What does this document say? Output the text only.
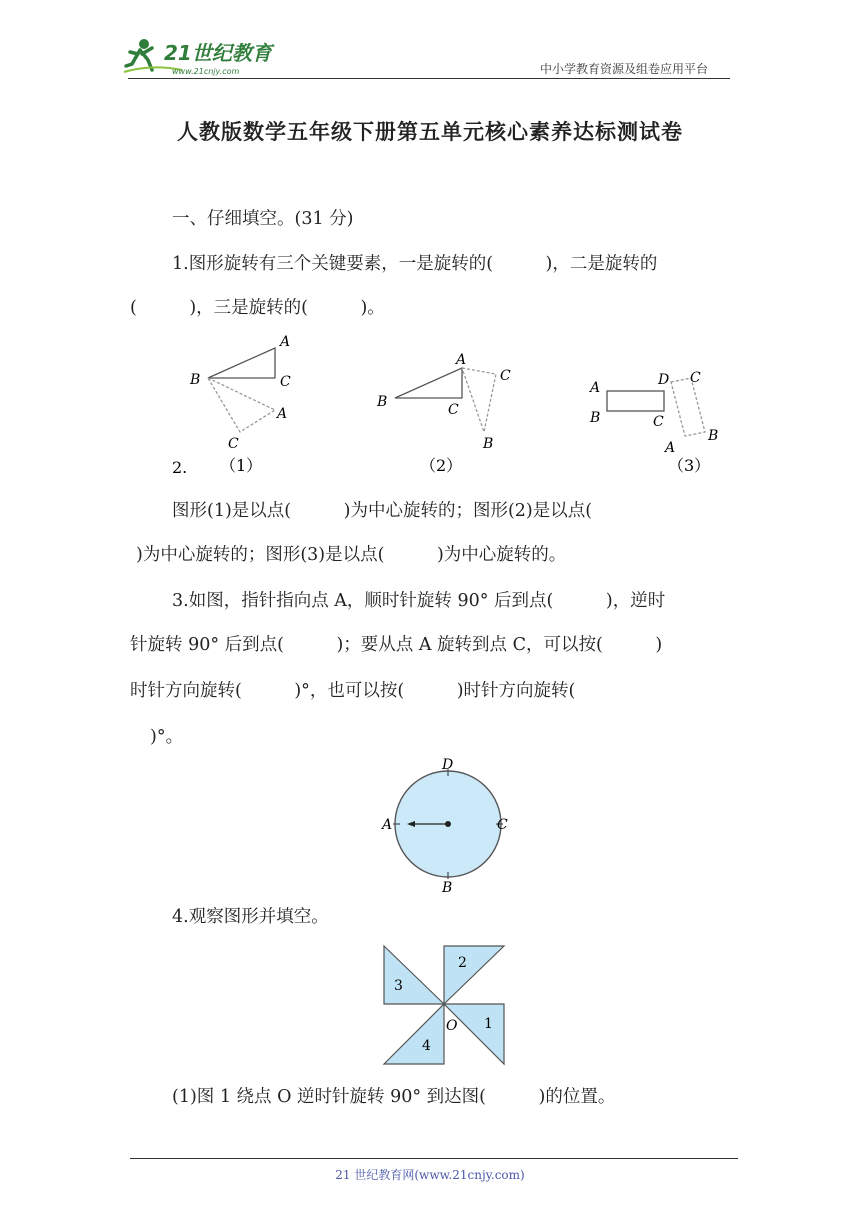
21世纪教育
www.21cnjy.com	中小学教育资源及组卷应用平台
人教版数学五年级下册第五单元核心素养达标测试卷
一、仔细填空。(31 分)
1.图形旋转有三个关键要素，一是旋转的(　　　)，二是旋转的
(　　　)，三是旋转的(　　　)。
A
B	C
A
C
A
C
B
C
B
A	D
C
B
C
A
B
2. （1）	（2）	（3）
图形(1)是以点(　　　)为中心旋转的；图形(2)是以点(
)为中心旋转的；图形(3)是以点(　　　)为中心旋转的。
3.如图，指针指向点 A，顺时针旋转 90° 后到点(　　　)，逆时
针旋转 90° 后到点(　　　)；要从点 A 旋转到点 C，可以按(　　　)
时针方向旋转(　　　)°，也可以按(　　　)时针方向旋转(
)°。
D
A	C
B
4.观察图形并填空。
3
2
1
4
O
(1)图 1 绕点 O 逆时针旋转 90° 到达图(　　　)的位置。
21 世纪教育网(www.21cnjy.com)
